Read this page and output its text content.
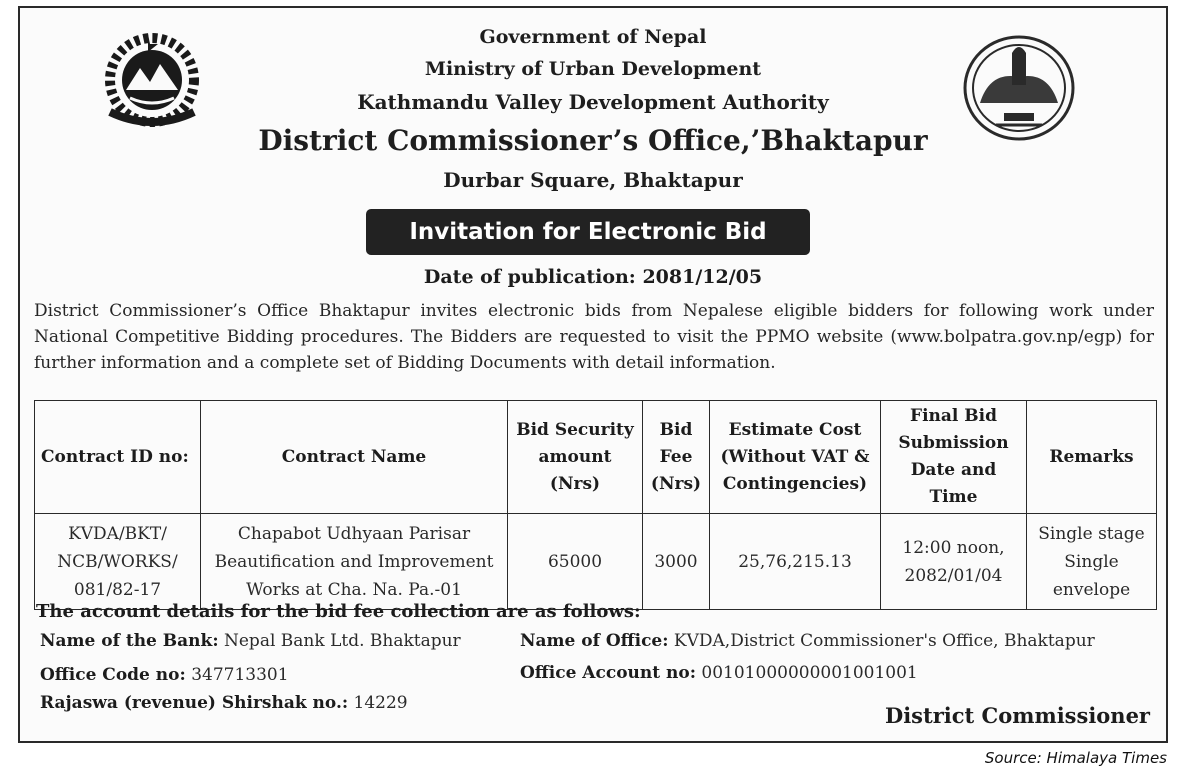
Government of Nepal
Ministry of Urban Development
Kathmandu Valley Development Authority
District Commissioner’s Office,’Bhaktapur
Durbar Square, Bhaktapur
Invitation for Electronic Bid
Date of publication: 2081/12/05

District Commissioner’s Office Bhaktapur invites electronic bids from Nepalese eligible bidders for following work under National Competitive Bidding procedures. The Bidders are requested to visit the PPMO website (www.bolpatra.gov.np/egp) for further information and a complete set of Bidding Documents with detail information.

Contract ID no:	Contract Name	Bid Security amount (Nrs)	Bid Fee (Nrs)	Estimate Cost (Without VAT & Contingencies)	Final Bid Submission Date and Time	Remarks
KVDA/BKT/ NCB/WORKS/ 081/82-17	Chapabot Udhyaan Parisar Beautification and Improvement Works at Cha. Na. Pa.-01	65000	3000	25,76,215.13	12:00 noon, 2082/01/04	Single stage Single envelope
The account details for the bid fee collection are as follows:
Name of the Bank: Nepal Bank Ltd. Bhaktapur
Office Code no: 347713301
Rajaswa (revenue) Shirshak no.: 14229
Name of Office: KVDA,District Commissioner's Office, Bhaktapur
Office Account no: 00101000000001001001
District Commissioner
Source: Himalaya Times
